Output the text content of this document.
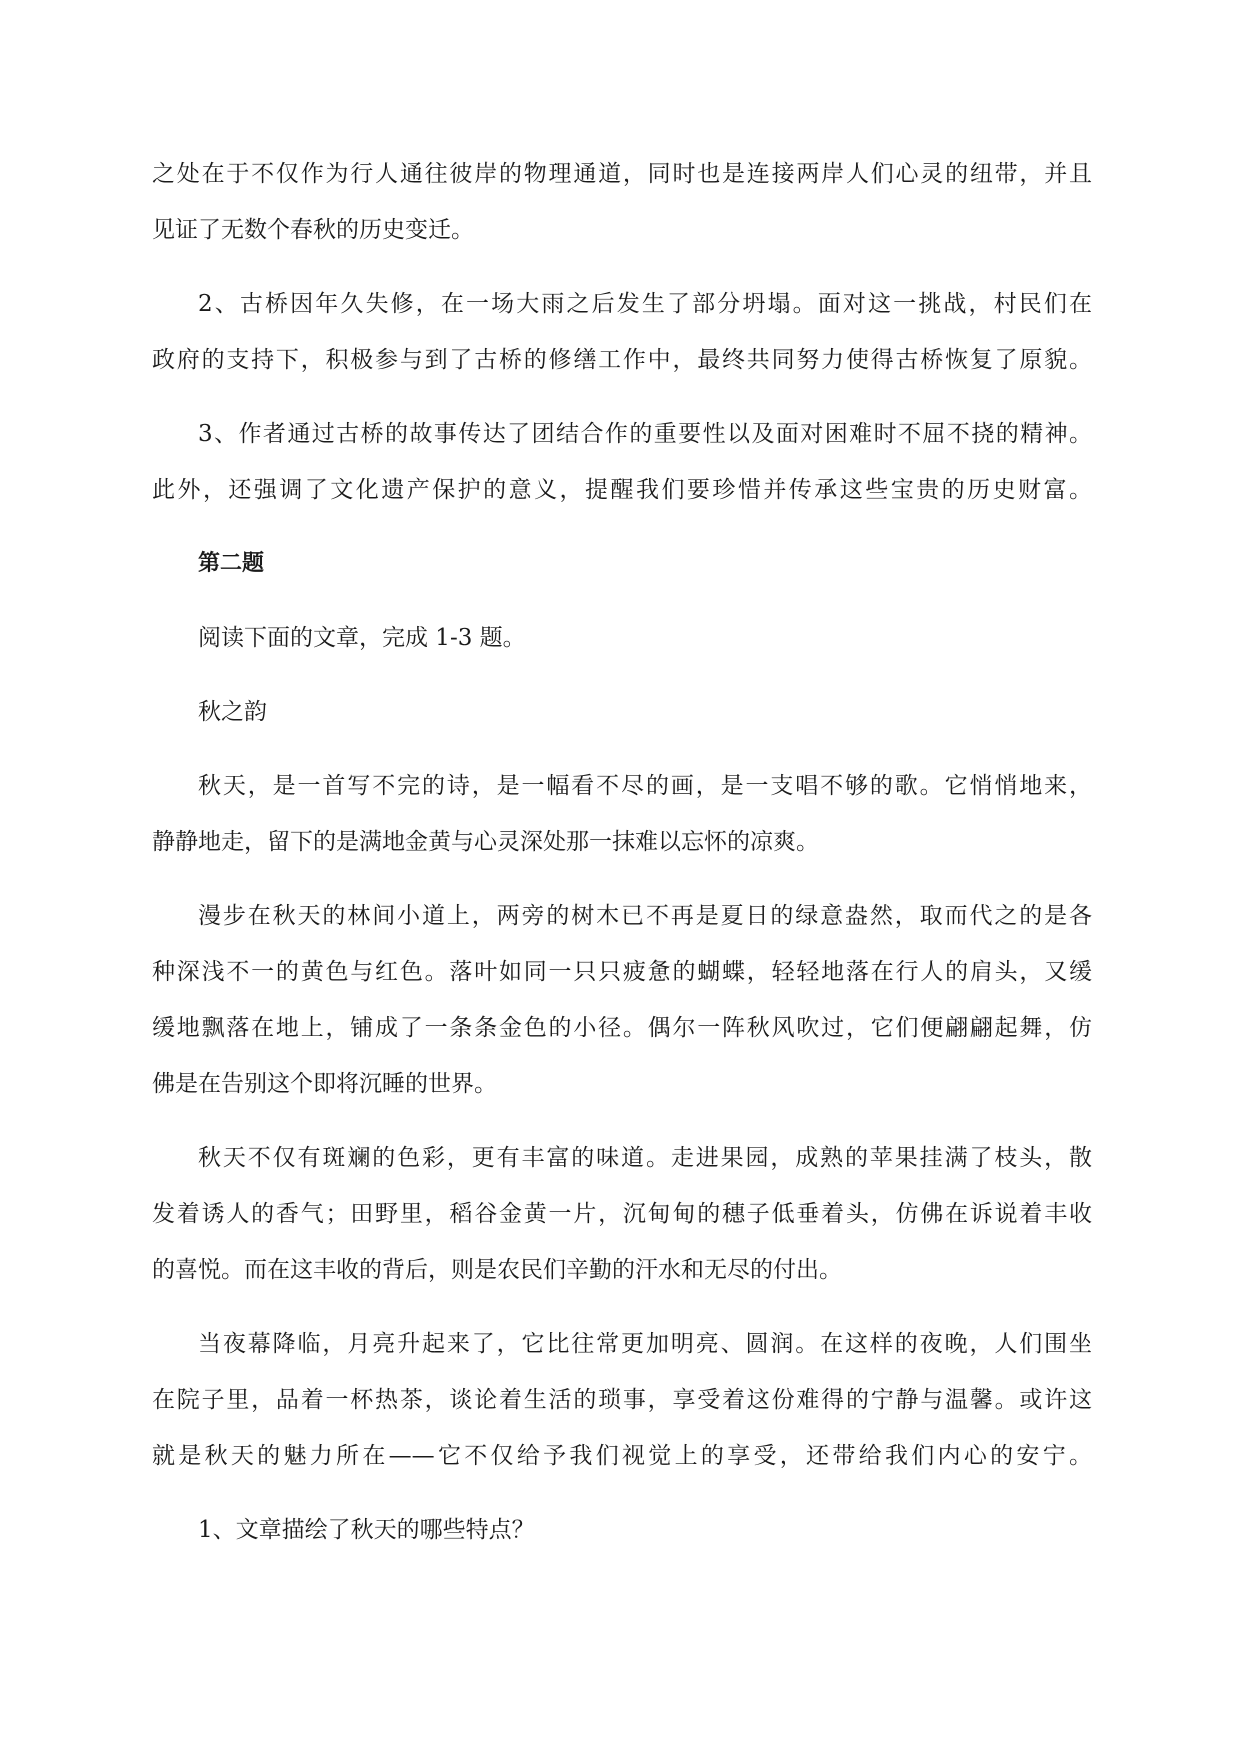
之处在于不仅作为行人通往彼岸的物理通道，同时也是连接两岸人们心灵的纽带，并且
见证了无数个春秋的历史变迁。
2、古桥因年久失修，在一场大雨之后发生了部分坍塌。面对这一挑战，村民们在
政府的支持下，积极参与到了古桥的修缮工作中，最终共同努力使得古桥恢复了原貌。
3、作者通过古桥的故事传达了团结合作的重要性以及面对困难时不屈不挠的精神。
此外，还强调了文化遗产保护的意义，提醒我们要珍惜并传承这些宝贵的历史财富。
第二题
阅读下面的文章，完成 1-3 题。
秋之韵
秋天，是一首写不完的诗，是一幅看不尽的画，是一支唱不够的歌。它悄悄地来，
静静地走，留下的是满地金黄与心灵深处那一抹难以忘怀的凉爽。
漫步在秋天的林间小道上，两旁的树木已不再是夏日的绿意盎然，取而代之的是各
种深浅不一的黄色与红色。落叶如同一只只疲惫的蝴蝶，轻轻地落在行人的肩头，又缓
缓地飘落在地上，铺成了一条条金色的小径。偶尔一阵秋风吹过，它们便翩翩起舞，仿
佛是在告别这个即将沉睡的世界。
秋天不仅有斑斓的色彩，更有丰富的味道。走进果园，成熟的苹果挂满了枝头，散
发着诱人的香气；田野里，稻谷金黄一片，沉甸甸的穗子低垂着头，仿佛在诉说着丰收
的喜悦。而在这丰收的背后，则是农民们辛勤的汗水和无尽的付出。
当夜幕降临，月亮升起来了，它比往常更加明亮、圆润。在这样的夜晚，人们围坐
在院子里，品着一杯热茶，谈论着生活的琐事，享受着这份难得的宁静与温馨。或许这
就是秋天的魅力所在——它不仅给予我们视觉上的享受，还带给我们内心的安宁。
1、文章描绘了秋天的哪些特点？
